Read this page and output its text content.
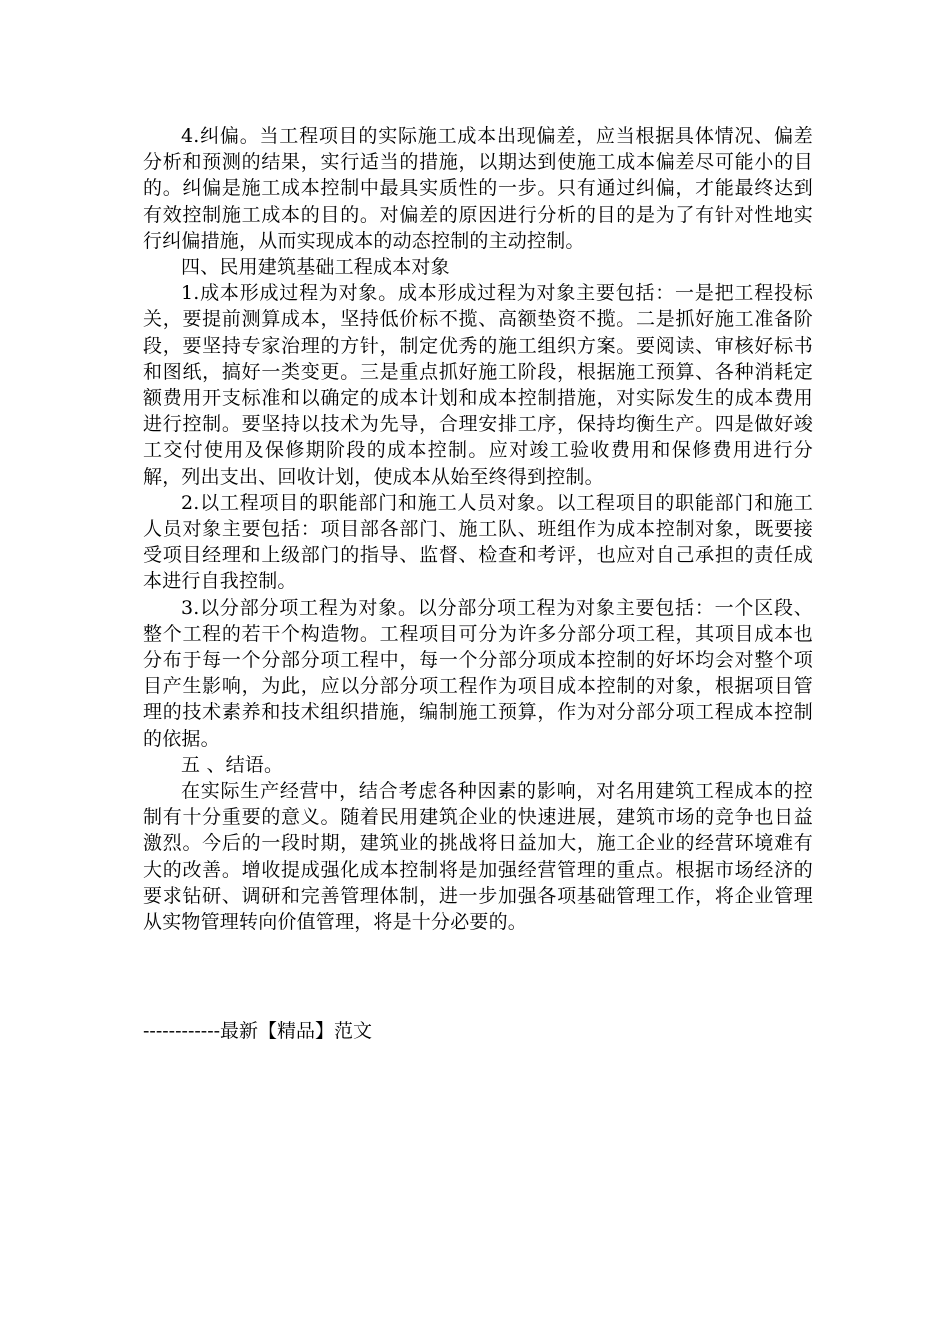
4.纠偏。当工程项目的实际施工成本出现偏差，应当根据具体情况、偏差分析和预测的结果，实行适当的措施，以期达到使施工成本偏差尽可能小的目的。纠偏是施工成本控制中最具实质性的一步。只有通过纠偏，才能最终达到有效控制施工成本的目的。对偏差的原因进行分析的目的是为了有针对性地实行纠偏措施，从而实现成本的动态控制的主动控制。

四、民用建筑基础工程成本对象

1.成本形成过程为对象。成本形成过程为对象主要包括：一是把工程投标关，要提前测算成本，坚持低价标不揽、高额垫资不揽。二是抓好施工准备阶段，要坚持专家治理的方针，制定优秀的施工组织方案。要阅读、审核好标书和图纸，搞好一类变更。三是重点抓好施工阶段，根据施工预算、各种消耗定额费用开支标准和以确定的成本计划和成本控制措施，对实际发生的成本费用进行控制。要坚持以技术为先导，合理安排工序，保持均衡生产。四是做好竣工交付使用及保修期阶段的成本控制。应对竣工验收费用和保修费用进行分解，列出支出、回收计划，使成本从始至终得到控制。

2.以工程项目的职能部门和施工人员对象。以工程项目的职能部门和施工人员对象主要包括：项目部各部门、施工队、班组作为成本控制对象，既要接受项目经理和上级部门的指导、监督、检查和考评，也应对自己承担的责任成本进行自我控制。

3.以分部分项工程为对象。以分部分项工程为对象主要包括：一个区段、整个工程的若干个构造物。工程项目可分为许多分部分项工程，其项目成本也分布于每一个分部分项工程中，每一个分部分项成本控制的好坏均会对整个项目产生影响，为此，应以分部分项工程作为项目成本控制的对象，根据项目管理的技术素养和技术组织措施，编制施工预算，作为对分部分项工程成本控制的依据。

五 、结语。

在实际生产经营中，结合考虑各种因素的影响，对名用建筑工程成本的控制有十分重要的意义。随着民用建筑企业的快速进展，建筑市场的竞争也日益激烈。今后的一段时期，建筑业的挑战将日益加大，施工企业的经营环境难有大的改善。增收提成强化成本控制将是加强经营管理的重点。根据市场经济的要求钻研、调研和完善管理体制，进一步加强各项基础管理工作，将企业管理从实物管理转向价值管理，将是十分必要的。

------------最新【精品】范文
